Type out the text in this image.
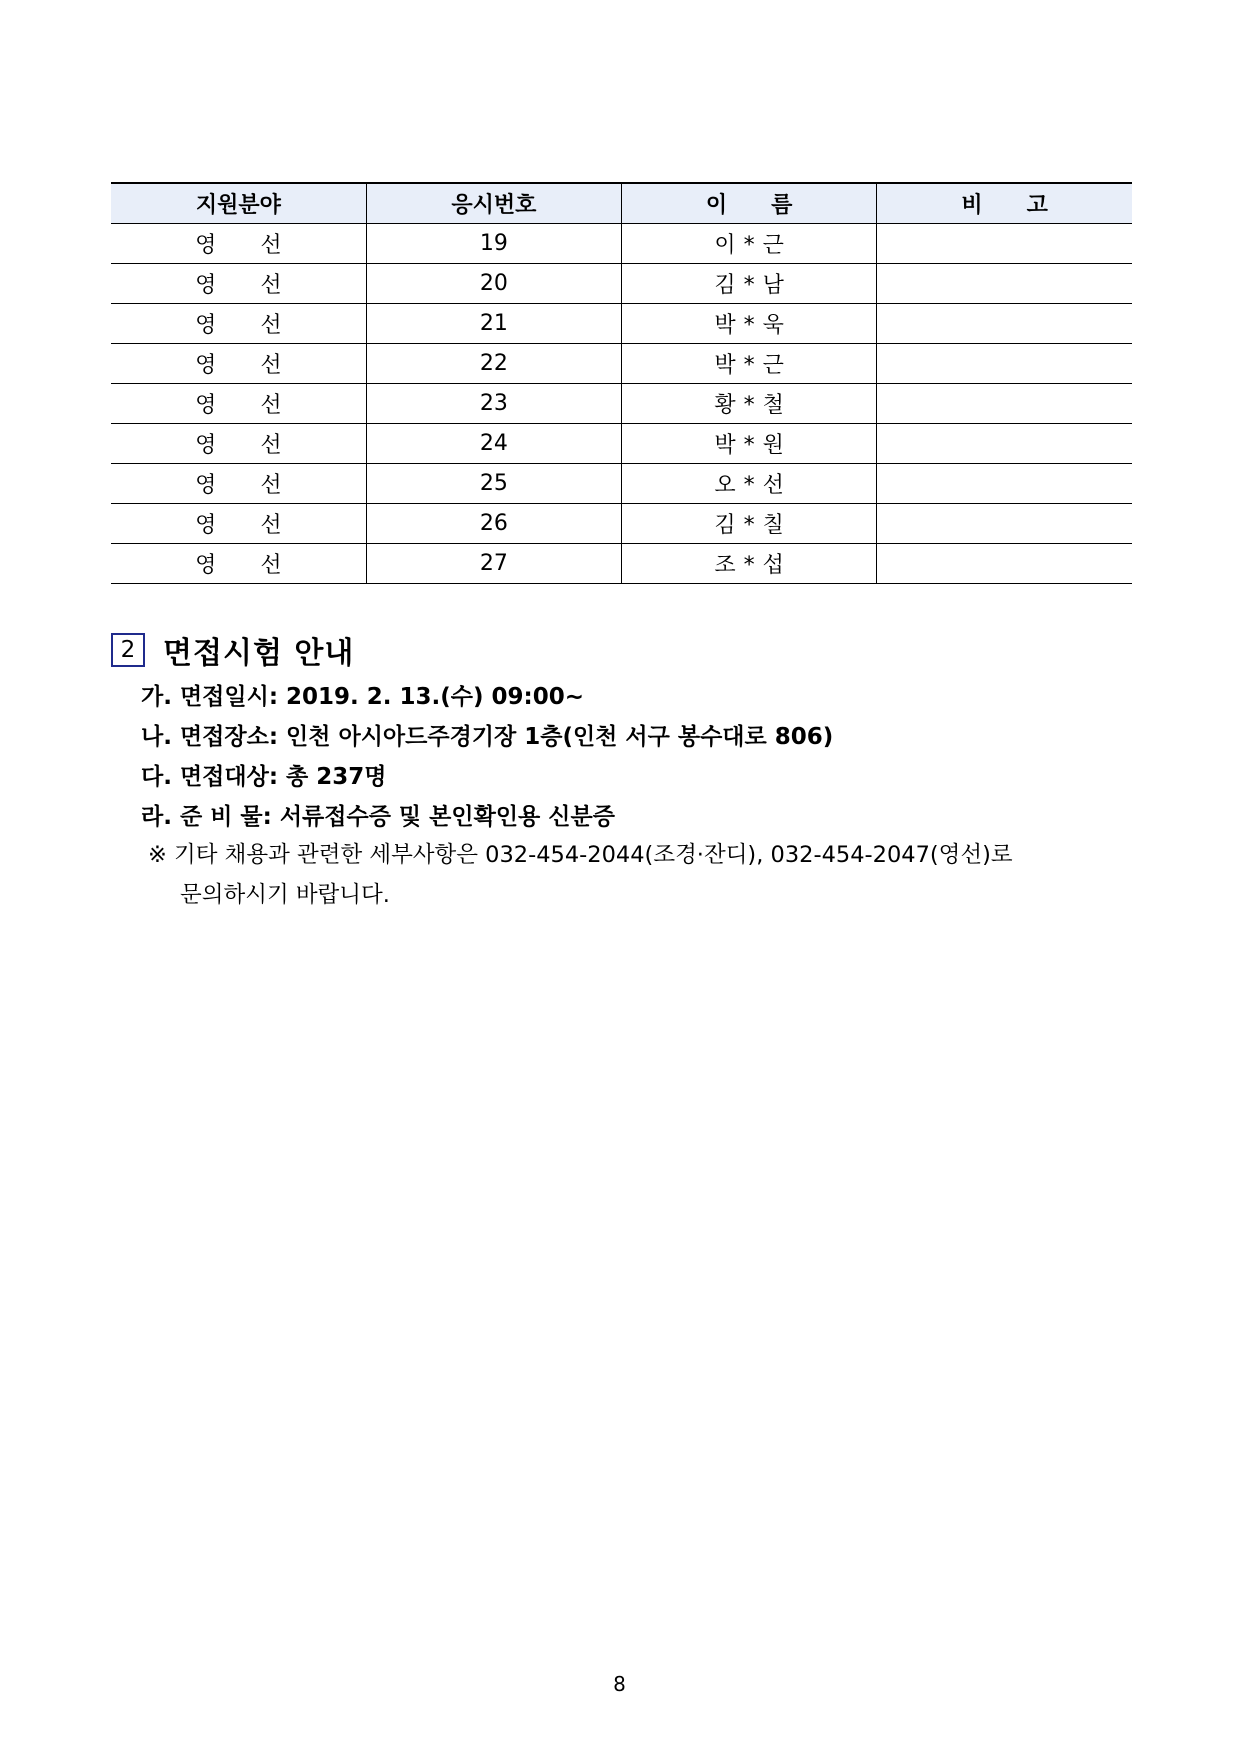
지원분야	응시번호	이　　름	비　　고
영　　선	19	이 * 근	
영　　선	20	김 * 남	
영　　선	21	박 * 욱	
영　　선	22	박 * 근	
영　　선	23	황 * 철	
영　　선	24	박 * 원	
영　　선	25	오 * 선	
영　　선	26	김 * 칠	
영　　선	27	조 * 섭	
2 면접시험 안내
가. 면접일시: 2019. 2. 13.(수) 09:00~
나. 면접장소: 인천 아시아드주경기장 1층(인천 서구 봉수대로 806)
다. 면접대상: 총 237명
라. 준 비 물: 서류접수증 및 본인확인용 신분증
※ 기타 채용과 관련한 세부사항은 032-454-2044(조경·잔디), 032-454-2047(영선)로
문의하시기 바랍니다.
8
